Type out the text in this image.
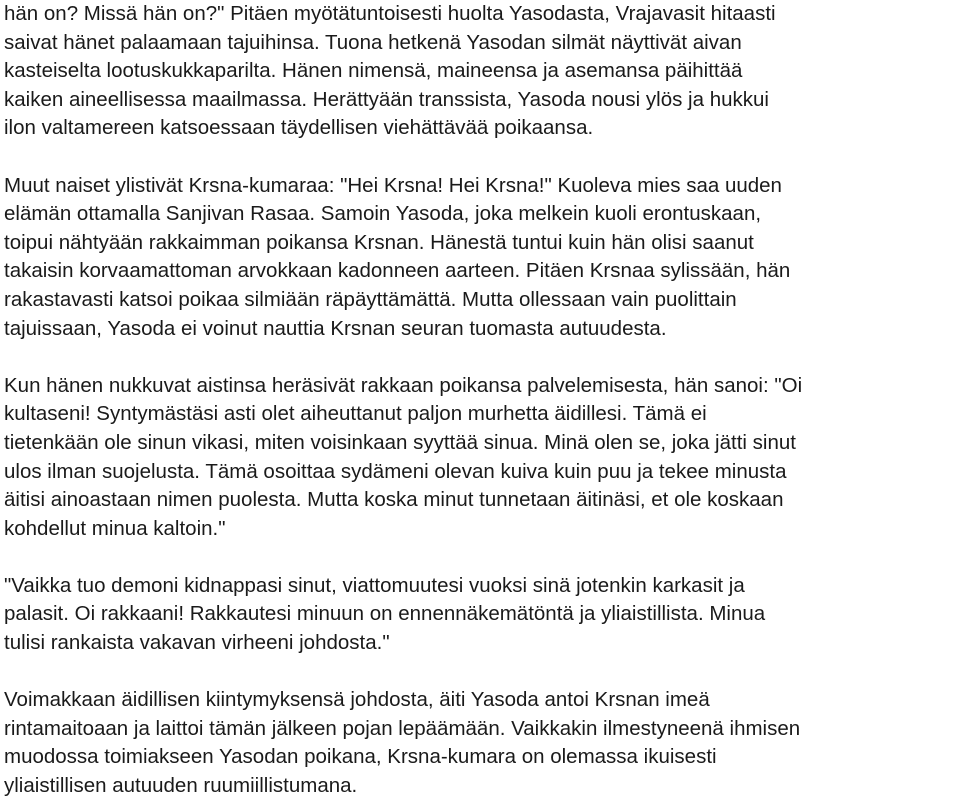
hän on? Missä hän on?" Pitäen myötätuntoisesti huolta Yasodasta, Vrajavasit hitaasti
saivat hänet palaamaan tajuihinsa. Tuona hetkenä Yasodan silmät näyttivät aivan
kasteiselta lootuskukkaparilta. Hänen nimensä, maineensa ja asemansa päihittää
kaiken aineellisessa maailmassa. Herättyään transsista, Yasoda nousi ylös ja hukkui
ilon valtamereen katsoessaan täydellisen viehättävää poikaansa.
Muut naiset ylistivät Krsna-kumaraa: "Hei Krsna! Hei Krsna!" Kuoleva mies saa uuden
elämän ottamalla Sanjivan Rasaa. Samoin Yasoda, joka melkein kuoli erontuskaan,
toipui nähtyään rakkaimman poikansa Krsnan. Hänestä tuntui kuin hän olisi saanut
takaisin korvaamattoman arvokkaan kadonneen aarteen. Pitäen Krsnaa sylissään, hän
rakastavasti katsoi poikaa silmiään räpäyttämättä. Mutta ollessaan vain puolittain
tajuissaan, Yasoda ei voinut nauttia Krsnan seuran tuomasta autuudesta.
Kun hänen nukkuvat aistinsa heräsivät rakkaan poikansa palvelemisesta, hän sanoi: "Oi
kultaseni! Syntymästäsi asti olet aiheuttanut paljon murhetta äidillesi. Tämä ei
tietenkään ole sinun vikasi, miten voisinkaan syyttää sinua. Minä olen se, joka jätti sinut
ulos ilman suojelusta. Tämä osoittaa sydämeni olevan kuiva kuin puu ja tekee minusta
äitisi ainoastaan nimen puolesta. Mutta koska minut tunnetaan äitinäsi, et ole koskaan
kohdellut minua kaltoin."
"Vaikka tuo demoni kidnappasi sinut, viattomuutesi vuoksi sinä jotenkin karkasit ja
palasit. Oi rakkaani! Rakkautesi minuun on ennennäkemätöntä ja yliaistillista. Minua
tulisi rankaista vakavan virheeni johdosta."
Voimakkaan äidillisen kiintymyksensä johdosta, äiti Yasoda antoi Krsnan imeä
rintamaitoaan ja laittoi tämän jälkeen pojan lepäämään. Vaikkakin ilmestyneenä ihmisen
muodossa toimiakseen Yasodan poikana, Krsna-kumara on olemassa ikuisesti
yliaistillisen autuuden ruumiillistumana.
